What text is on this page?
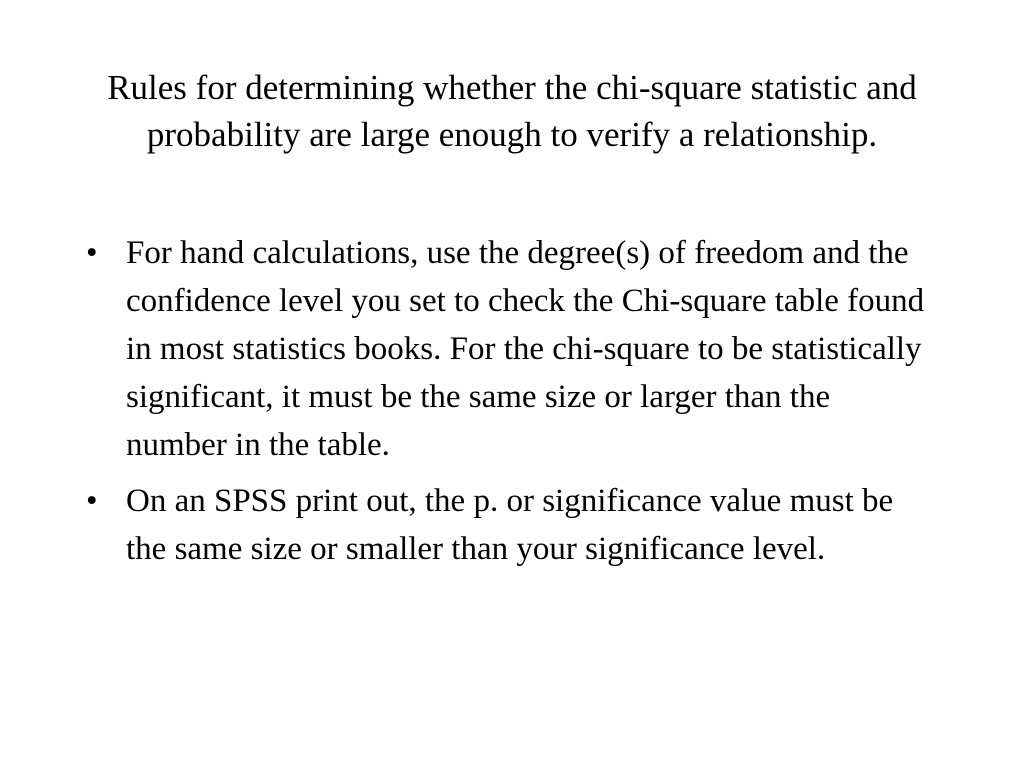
Rules for determining whether the chi-square statistic and probability are large enough to verify a relationship.
• For hand calculations, use the degree(s) of freedom and the confidence level you set to check the Chi-square table found in most statistics books. For the chi-square to be statistically significant, it must be the same size or larger than the number in the table.
• On an SPSS print out, the p. or significance value must be the same size or smaller than your significance level.
